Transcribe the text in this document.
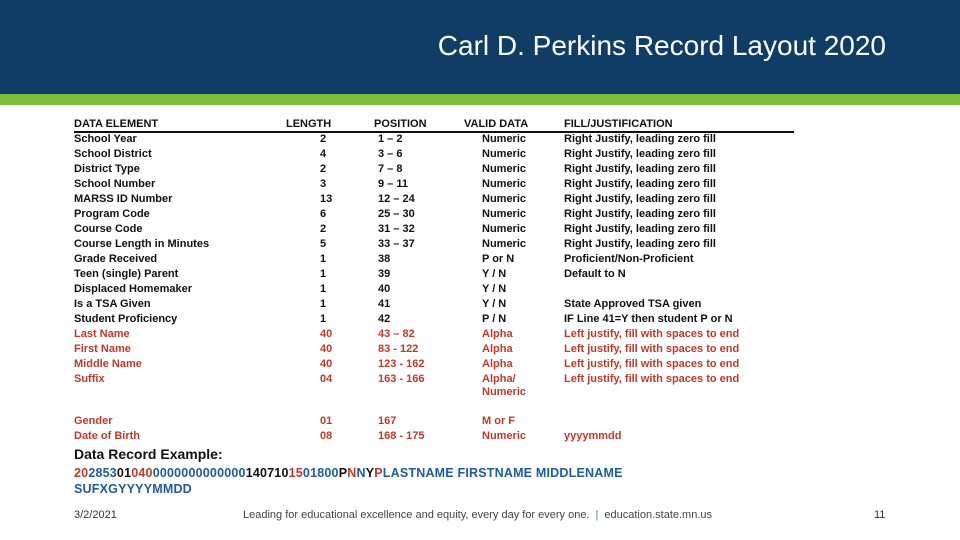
Carl D. Perkins Record Layout 2020
DATA ELEMENT	LENGTH	POSITION	VALID DATA	FILL/JUSTIFICATION
School Year	2	1 – 2	Numeric	Right Justify, leading zero fill
School District	4	3 – 6	Numeric	Right Justify, leading zero fill
District Type	2	7 – 8	Numeric	Right Justify, leading zero fill
School Number	3	9 – 11	Numeric	Right Justify, leading zero fill
MARSS ID Number	13	12 – 24	Numeric	Right Justify, leading zero fill
Program Code	6	25 – 30	Numeric	Right Justify, leading zero fill
Course Code	2	31 – 32	Numeric	Right Justify, leading zero fill
Course Length in Minutes	5	33 – 37	Numeric	Right Justify, leading zero fill
Grade Received	1	38	P or N	Proficient/Non-Proficient
Teen (single) Parent	1	39	Y / N	Default to N
Displaced Homemaker	1	40	Y / N	
Is a TSA Given	1	41	Y / N	State Approved TSA given
Student Proficiency	1	42	P / N	IF Line 41=Y then student P or N
Last Name	40	43 – 82	Alpha	Left justify, fill with spaces to end
First Name	40	83 - 122	Alpha	Left justify, fill with spaces to end
Middle Name	40	123 - 162	Alpha	Left justify, fill with spaces to end
Suffix	04	163 - 166	Alpha/
Numeric	Left justify, fill with spaces to end

Gender	01	167	M or F	
Date of Birth	08	168 - 175	Numeric	yyyymmdd
Data Record Example:
2028530104000000000000001407101501800PNNYPLASTNAME FIRSTNAME MIDDLENAME
SUFXGYYYYMMDD
3/2/2021	Leading for educational excellence and equity, every day for every one. | education.state.mn.us	11
